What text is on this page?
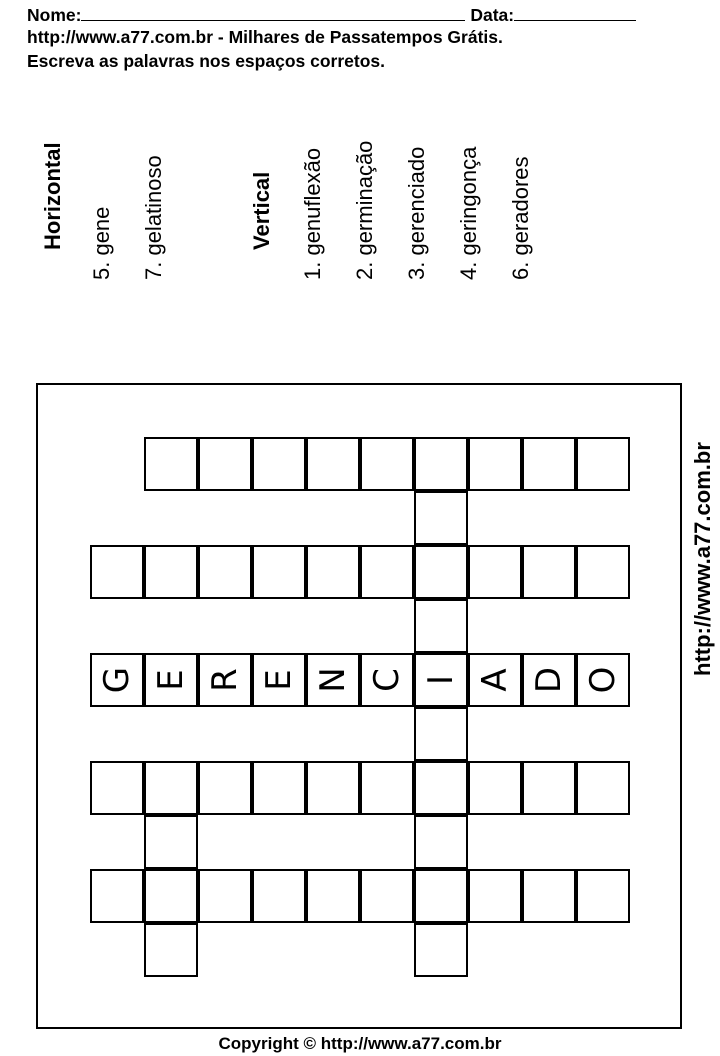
Nome:	Data:
http://www.a77.com.br - Milhares de Passatempos Grátis.
Escreva as palavras nos espaços corretos.
Horizontal 5. gene 7. gelatinoso	Vertical 1. genuflexão 2. germinação 3. gerenciado 4. geringonça 6. geradores
G E R E N C I A D O
http://www.a77.com.br
Copyright © http://www.a77.com.br
